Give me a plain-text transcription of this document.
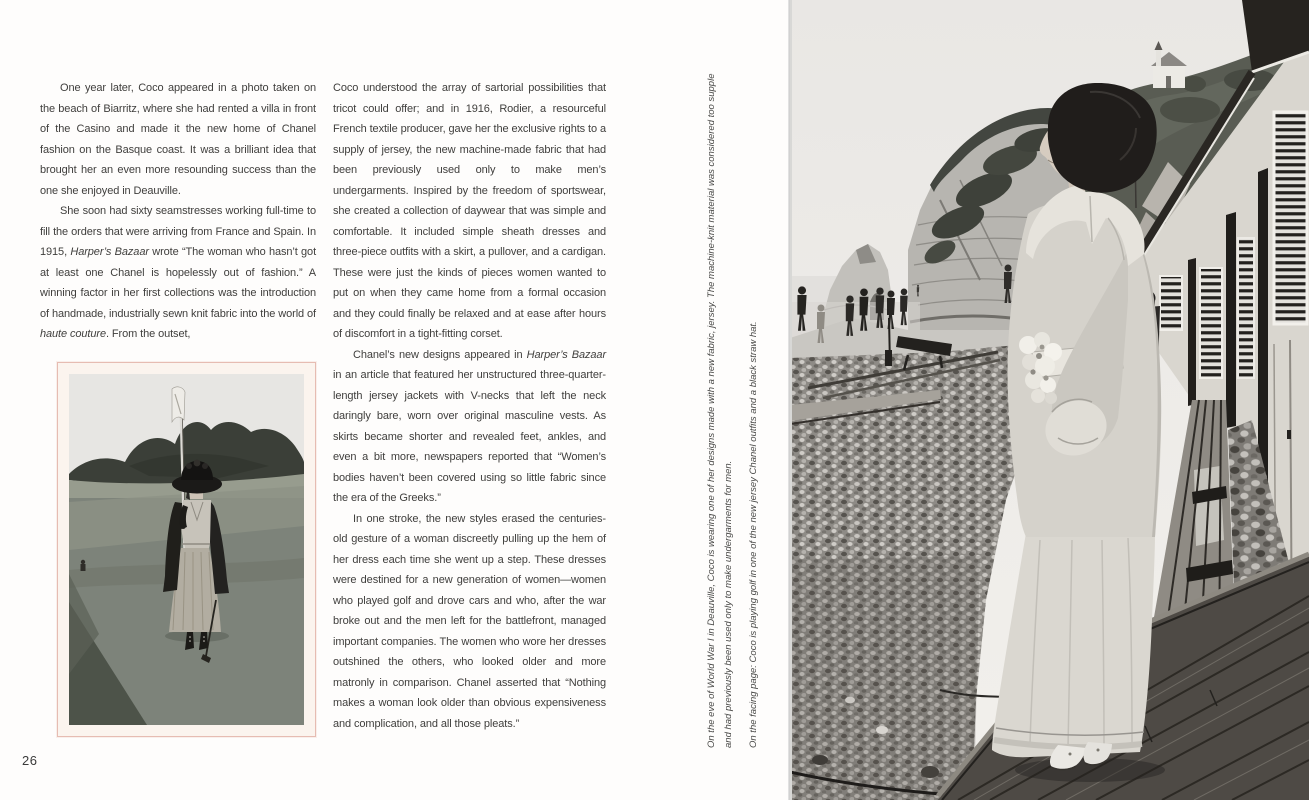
One year later, Coco appeared in a photo taken on the beach of Biarritz, where she had rented a villa in front of the Casino and made it the new home of Chanel fashion on the Basque coast. It was a brilliant idea that brought her an even more resounding success than the one she enjoyed in Deauville.

She soon had sixty seamstresses working full-time to fill the orders that were arriving from France and Spain. In 1915, Harper’s Bazaar wrote “The woman who hasn’t got at least one Chanel is hopelessly out of fashion.” A winning factor in her first collections was the introduction of handmade, industrially sewn knit fabric into the world of haute couture. From the outset,

Coco understood the array of sartorial possibilities that tricot could offer; and in 1916, Rodier, a resourceful French textile producer, gave her the exclusive rights to a supply of jersey, the new machine-made fabric that had been previously used only to make men’s undergarments. Inspired by the freedom of sportswear, she created a collection of daywear that was simple and comfortable. It included simple sheath dresses and three-piece outfits with a skirt, a pullover, and a cardigan. These were just the kinds of pieces women wanted to put on when they came home from a formal occasion and they could finally be relaxed and at ease after hours of discomfort in a tight-fitting corset.

Chanel’s new designs appeared in Harper’s Bazaar in an article that featured her unstructured three-quarter-length jersey jackets with V-necks that left the neck daringly bare, worn over original masculine vests. As skirts became shorter and revealed feet, ankles, and even a bit more, newspapers reported that “Women’s bodies haven’t been covered using so little fabric since the era of the Greeks.”

In one stroke, the new styles erased the centuries-old gesture of a woman discreetly pulling up the hem of her dress each time she went up a step. These dresses were destined for a new generation of women—women who played golf and drove cars and who, after the war broke out and the men left for the battlefront, managed important companies. The women who wore her dresses outshined the others, who looked older and more matronly in comparison. Chanel asserted that “Nothing makes a woman look older than obvious expensiveness and complication, and all those pleats.”	On the eve of World War I in Deauville, Coco is wearing one of her designs made with a new fabric, jersey. The machine-knit material was considered too supple and had previously been used only to make undergarments for men.	On the facing page: Coco is playing golf in one of the new jersey Chanel outfits and a black straw hat.

26
